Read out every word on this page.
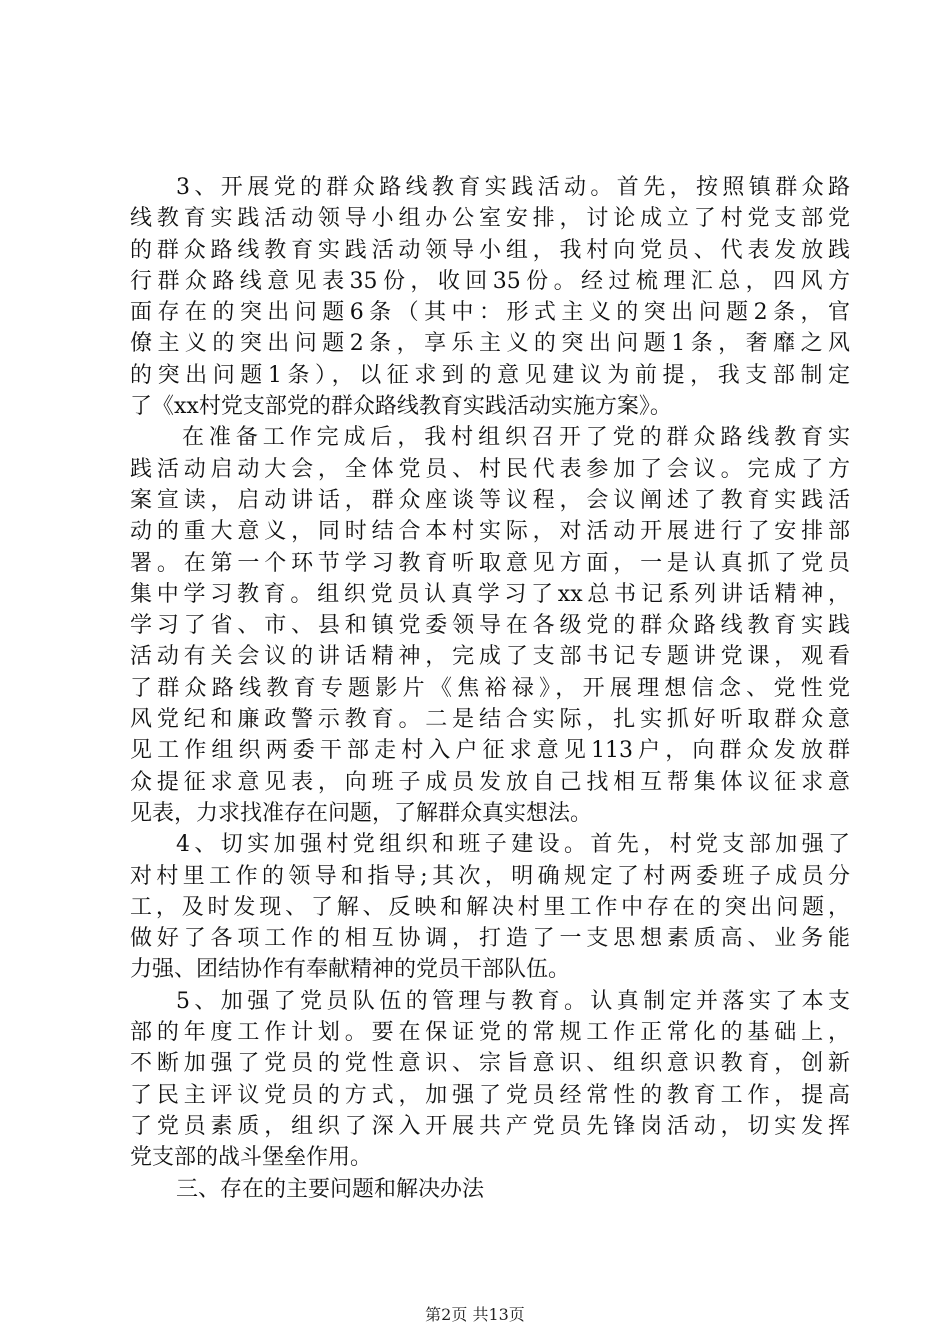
3、开展党的群众路线教育实践活动。首先，按照镇群众路

线教育实践活动领导小组办公室安排，讨论成立了村党支部党

的群众路线教育实践活动领导小组，我村向党员、代表发放践

行群众路线意见表35份，收回35份。经过梳理汇总，四风方

面存在的突出问题6条（其中：形式主义的突出问题2条，官

僚主义的突出问题2条，享乐主义的突出问题1条，奢靡之风

的突出问题1条），以征求到的意见建议为前提，我支部制定

了《xx村党支部党的群众路线教育实践活动实施方案》。

在准备工作完成后，我村组织召开了党的群众路线教育实

践活动启动大会，全体党员、村民代表参加了会议。完成了方

案宣读，启动讲话，群众座谈等议程，会议阐述了教育实践活

动的重大意义，同时结合本村实际，对活动开展进行了安排部

署。在第一个环节学习教育听取意见方面，一是认真抓了党员

集中学习教育。组织党员认真学习了xx总书记系列讲话精神，

学习了省、市、县和镇党委领导在各级党的群众路线教育实践

活动有关会议的讲话精神，完成了支部书记专题讲党课，观看

了群众路线教育专题影片《焦裕禄》，开展理想信念、党性党

风党纪和廉政警示教育。二是结合实际，扎实抓好听取群众意

见工作组织两委干部走村入户征求意见113户，向群众发放群

众提征求意见表，向班子成员发放自己找相互帮集体议征求意

见表，力求找准存在问题，了解群众真实想法。

4、切实加强村党组织和班子建设。首先，村党支部加强了

对村里工作的领导和指导;其次，明确规定了村两委班子成员分

工，及时发现、了解、反映和解决村里工作中存在的突出问题，

做好了各项工作的相互协调，打造了一支思想素质高、业务能

力强、团结协作有奉献精神的党员干部队伍。

5、加强了党员队伍的管理与教育。认真制定并落实了本支

部的年度工作计划。要在保证党的常规工作正常化的基础上，

不断加强了党员的党性意识、宗旨意识、组织意识教育，创新

了民主评议党员的方式，加强了党员经常性的教育工作，提高

了党员素质，组织了深入开展共产党员先锋岗活动，切实发挥

党支部的战斗堡垒作用。

三、存在的主要问题和解决办法

第2页 共13页
